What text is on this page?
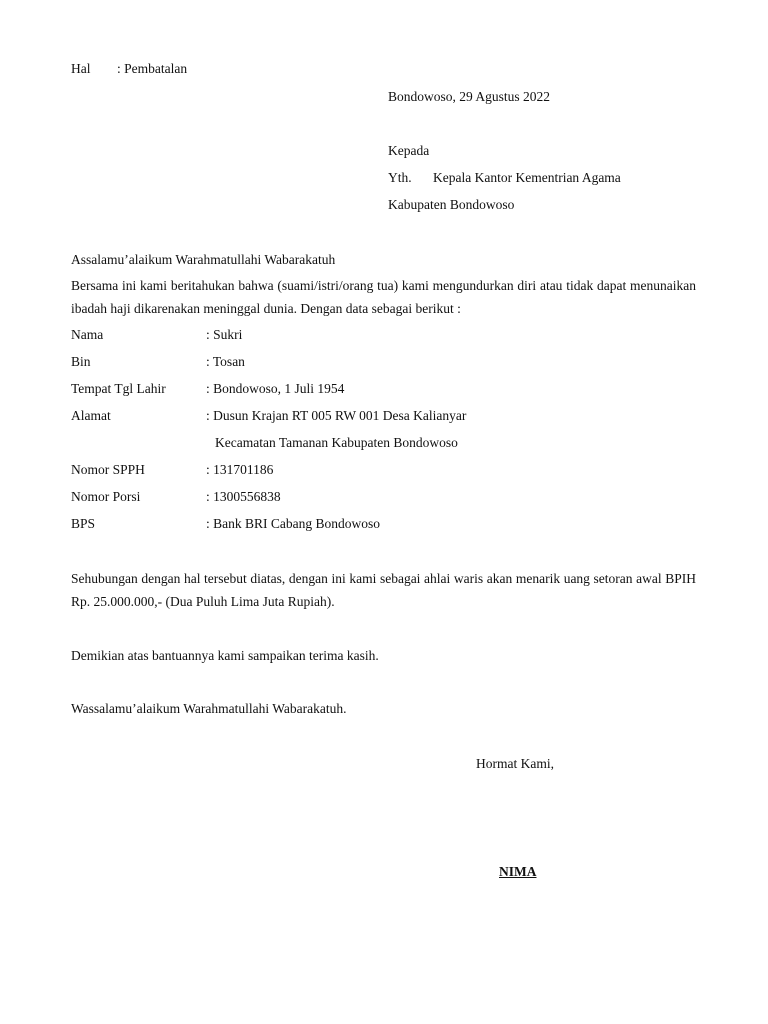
Hal : Pembatalan
Bondowoso, 29 Agustus 2022
Kepada
Yth. Kepala Kantor Kementrian Agama
Kabupaten Bondowoso
Assalamu’alaikum Warahmatullahi Wabarakatuh
Bersama ini kami beritahukan bahwa (suami/istri/orang tua) kami mengundurkan diri atau tidak dapat menunaikan ibadah haji dikarenakan meninggal dunia. Dengan data sebagai berikut :
Nama	: Sukri
Bin	: Tosan
Tempat Tgl Lahir	: Bondowoso, 1 Juli 1954
Alamat	: Dusun Krajan RT 005 RW 001 Desa Kalianyar
Kecamatan Tamanan Kabupaten Bondowoso
Nomor SPPH	: 131701186
Nomor Porsi	: 1300556838
BPS	: Bank BRI Cabang Bondowoso
Sehubungan dengan hal tersebut diatas, dengan ini kami sebagai ahlai waris akan menarik uang setoran awal BPIH Rp. 25.000.000,- (Dua Puluh Lima Juta Rupiah).
Demikian atas bantuannya kami sampaikan terima kasih.
Wassalamu’alaikum Warahmatullahi Wabarakatuh.
Hormat Kami,
NIMA
